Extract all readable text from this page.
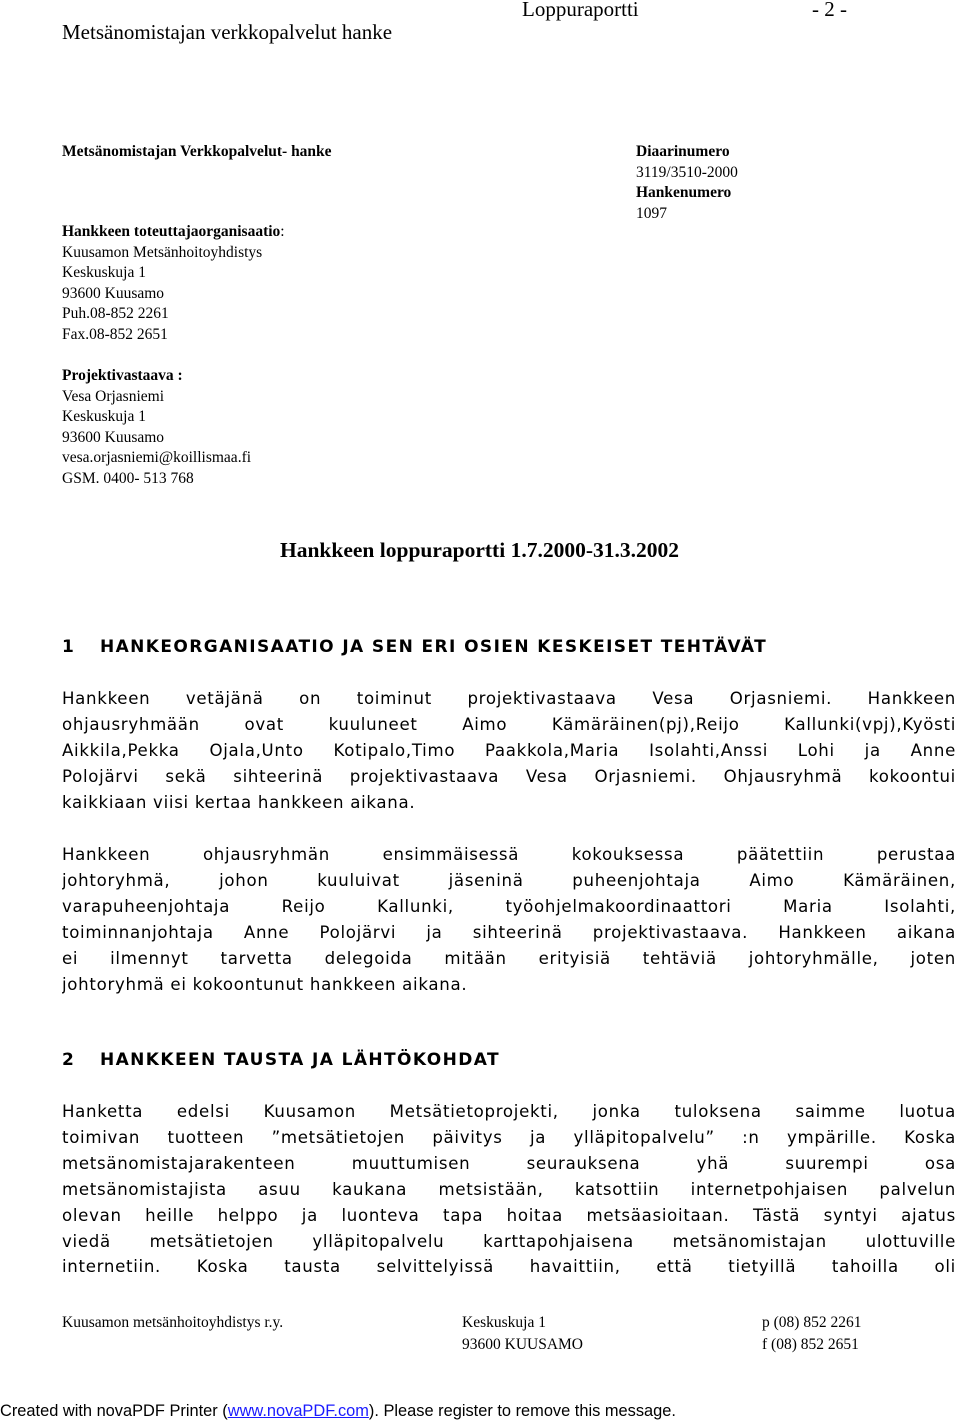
Metsänomistajan verkkopalvelut hanke
Loppuraportti	- 2 -
Metsänomistajan Verkkopalvelut- hanke
Hankkeen toteuttajaorganisaatio:
Kuusamon Metsänhoitoyhdistys
Keskuskuja 1
93600 Kuusamo
Puh.08-852 2261
Fax.08-852 2651
Projektivastaava :
Vesa Orjasniemi
Keskuskuja 1
93600 Kuusamo
vesa.orjasniemi@koillismaa.fi
GSM. 0400- 513 768
Diaarinumero
3119/3510-2000
Hankenumero
1097
Hankkeen loppuraportti 1.7.2000-31.3.2002
1 HANKEORGANISAATIO JA SEN ERI OSIEN KESKEISET TEHTÄVÄT
Hankkeen vetäjänä on toiminut projektivastaava Vesa Orjasniemi. Hankkeen
ohjausryhmään ovat kuuluneet Aimo Kämäräinen(pj),Reijo Kallunki(vpj),Kyösti
Aikkila,Pekka Ojala,Unto Kotipalo,Timo Paakkola,Maria Isolahti,Anssi Lohi ja Anne
Polojärvi sekä sihteerinä projektivastaava Vesa Orjasniemi. Ohjausryhmä kokoontui
kaikkiaan viisi kertaa hankkeen aikana.
Hankkeen ohjausryhmän ensimmäisessä kokouksessa päätettiin perustaa
johtoryhmä, johon kuuluivat jäseninä puheenjohtaja Aimo Kämäräinen,
varapuheenjohtaja Reijo Kallunki, työohjelmakoordinaattori Maria Isolahti,
toiminnanjohtaja Anne Polojärvi ja sihteerinä projektivastaava. Hankkeen aikana
ei ilmennyt tarvetta delegoida mitään erityisiä tehtäviä johtoryhmälle, joten
johtoryhmä ei kokoontunut hankkeen aikana.
2 HANKKEEN TAUSTA JA LÄHTÖKOHDAT
Hanketta edelsi Kuusamon Metsätietoprojekti, jonka tuloksena saimme luotua
toimivan tuotteen ”metsätietojen päivitys ja ylläpitopalvelu” :n ympärille. Koska
metsänomistajarakenteen muuttumisen seurauksena yhä suurempi osa
metsänomistajista asuu kaukana metsistään, katsottiin internetpohjaisen palvelun
olevan heille helppo ja luonteva tapa hoitaa metsäasioitaan. Tästä syntyi ajatus
viedä metsätietojen ylläpitopalvelu karttapohjaisena metsänomistajan ulottuville
internetiin. Koska tausta selvittelyissä havaittiin, että tietyillä tahoilla oli
Kuusamon metsänhoitoyhdistys r.y.	Keskuskuja 1
93600 KUUSAMO
p (08) 852 2261
f (08) 852 2651
Created with novaPDF Printer (www.novaPDF.com). Please register to remove this message.
